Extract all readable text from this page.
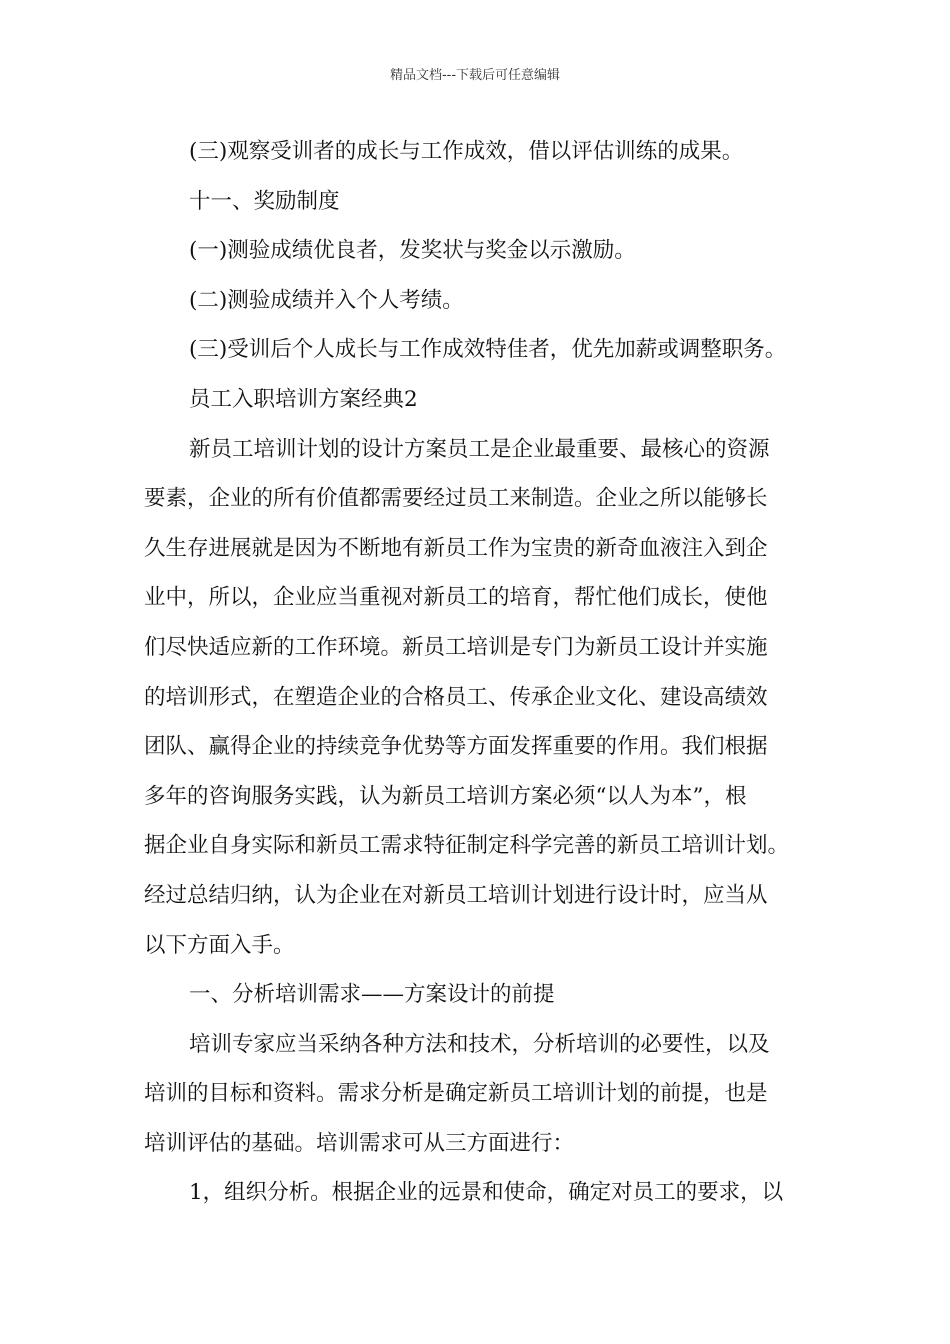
精品文档---下载后可任意编辑
(三)观察受训者的成长与工作成效，借以评估训练的成果。
十一、奖励制度
(一)测验成绩优良者，发奖状与奖金以示激励。
(二)测验成绩并入个人考绩。
(三)受训后个人成长与工作成效特佳者，优先加薪或调整职务。
员工入职培训方案经典2
新员工培训计划的设计方案员工是企业最重要、最核心的资源
要素，企业的所有价值都需要经过员工来制造。企业之所以能够长
久生存进展就是因为不断地有新员工作为宝贵的新奇血液注入到企
业中，所以，企业应当重视对新员工的培育，帮忙他们成长，使他
们尽快适应新的工作环境。新员工培训是专门为新员工设计并实施
的培训形式，在塑造企业的合格员工、传承企业文化、建设高绩效
团队、赢得企业的持续竞争优势等方面发挥重要的作用。我们根据
多年的咨询服务实践，认为新员工培训方案必须“以人为本”，根
据企业自身实际和新员工需求特征制定科学完善的新员工培训计划。
经过总结归纳，认为企业在对新员工培训计划进行设计时，应当从
以下方面入手。
一、分析培训需求——方案设计的前提
培训专家应当采纳各种方法和技术，分析培训的必要性，以及
培训的目标和资料。需求分析是确定新员工培训计划的前提，也是
培训评估的基础。培训需求可从三方面进行：
1，组织分析。根据企业的远景和使命，确定对员工的要求，以
